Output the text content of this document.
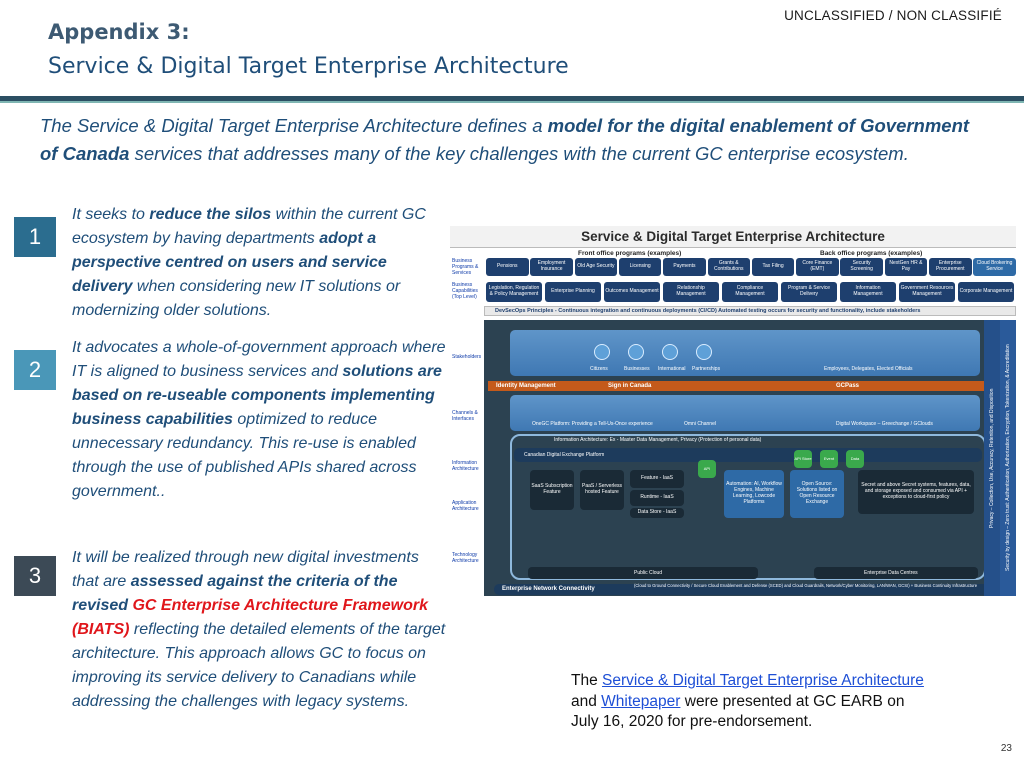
UNCLASSIFIED / NON CLASSIFIÉ
Appendix 3:
Service & Digital Target Enterprise Architecture

The Service & Digital Target Enterprise Architecture defines a model for the digital enablement of Government of Canada services that addresses many of the key challenges with the current GC enterprise ecosystem.

1

It seeks to reduce the silos within the current GC ecosystem by having departments adopt a perspective centred on users and service delivery when considering new IT solutions or modernizing older solutions.

2

It advocates a whole-of-government approach where IT is aligned to business services and solutions are based on re-useable components implementing business capabilities optimized to reduce unnecessary redundancy. This re-use is enabled through the use of published APIs shared across government..

3

It will be realized through new digital investments that are assessed against the criteria of the revised GC Enterprise Architecture Framework (BIATS) reflecting the detailed elements of the target architecture. This approach allows GC to focus on improving its service delivery to Canadians while addressing the challenges with legacy systems.

Service & Digital Target Enterprise Architecture
Front office programs (examples)	Back office programs (examples)
Business Programs & Services
Business Capabilities (Top Level)
Stakeholders
Channels & Interfaces
Information Architecture
Application Architecture
Technology Architecture
DevSecOps Principles - Continuous integration and continuous deployments (CI/CD) Automated testing occurs for security and functionality, include stakeholders
Employees, Delegates, Elected Officials
Identity Management	Sign in Canada	GCPass
OneGC Platform: Providing a Tell-Us-Once experience	Omni Channel	Digital Workspace – Greechange / GClouds
Information Architecture: Ex - Master Data Management, Privacy (Protection of personal data)
Canadian Digital Exchange Platform
API
Public Cloud	Enterprise Data Centres
Enterprise Network Connectivity
(Cloud to Ground Connectivity / Secure Cloud Enablement and Defense (SCED) and Cloud Guardrails, Network/Cyber Monitoring, LAN/WAN, GCSI) + Business Continuity Infrastructure
Security by design – Zero trust: Authentication, Authorization, Encryption, Tokenization, & Accreditation
Privacy – Collection, Use, Accuracy, Retention, and Disposition
Citizens	Businesses International Partnerships
API Store	Event	Data
SaaS Subscription Feature
PaaS / Serverless hosted Feature
Feature - IaaS
Runtime - IaaS
Data Store - IaaS
Automation: AI, Workflow Engines, Machine Learning, Lowcode Platforms
Open Source: Solutions listed on Open Resource Exchange
Secret and above Secret systems, features, data, and storage exposed and consumed via API + exceptions to cloud-first policy
Pensions	Employment Insurance	Old Age Security	Licensing	Payments	Grants & Contributions	Tax Filing	Core Finance (EMT)
Security Screening
NextGen HR & Pay
Enterprise Procurement
Cloud Brokering Service
Legislation, Regulation & Policy Management	Enterprise Planning	Outcomes Management	Relationship Management
Compliance Management
Program & Service Delivery
Information Management
Government Resources Management	Corporate Management

The Service & Digital Target Enterprise Architecture and Whitepaper were presented at GC EARB on July 16, 2020 for pre-endorsement.

23
